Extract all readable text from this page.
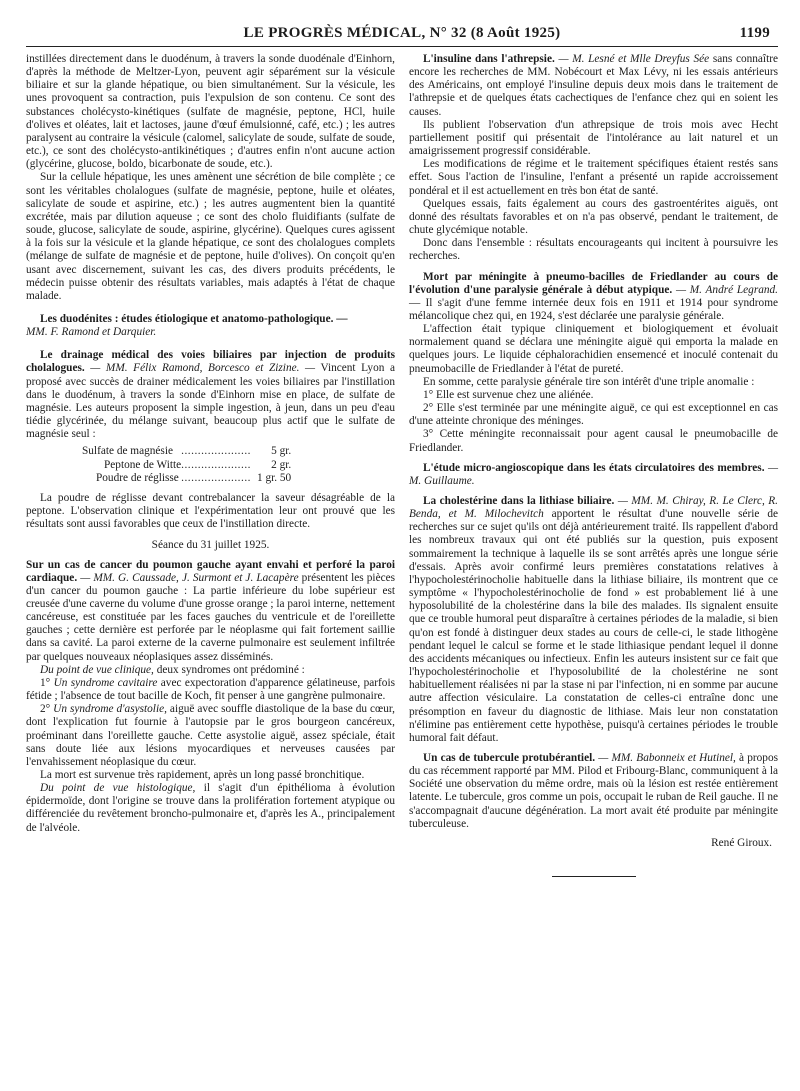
LE PROGRÈS MÉDICAL, N° 32 (8 Août 1925)	1199

instillées directement dans le duodénum, à travers la sonde duodénale d'Einhorn, d'après la méthode de Meltzer-Lyon, peuvent agir séparément sur la vésicule biliaire et sur la glande hépatique, ou bien simultanément. Sur la vésicule, les unes provoquent sa contraction, puis l'expulsion de son contenu. Ce sont des substances cholécysto-kinétiques (sulfate de magnésie, peptone, HCl, huile d'olives et oléates, lait et lactoses, jaune d'œuf émulsionné, café, etc.) ; les autres paralysent au contraire la vésicule (calomel, salicylate de soude, sulfate de soude, etc.), ce sont des cholécysto-antikinétiques ; d'autres enfin n'ont aucune action (glycérine, glucose, boldo, bicarbonate de soude, etc.).

Sur la cellule hépatique, les unes amènent une sécrétion de bile complète ; ce sont les véritables cholalogues (sulfate de magnésie, peptone, huile et oléates, salicylate de soude et aspirine, etc.) ; les autres augmentent bien la quantité excrétée, mais par dilution aqueuse ; ce sont des cholo fluidifiants (sulfate de soude, glucose, salicylate de soude, aspirine, glycérine). Quelques cures agissent à la fois sur la vésicule et la glande hépatique, ce sont des cholalogues complets (mélange de sulfate de magnésie et de peptone, huile d'olives). On conçoit qu'en usant avec discernement, suivant les cas, des divers produits précédents, le médecin puisse obtenir des résultats variables, mais adaptés à l'état de chaque malade.

Les duodénites : études étiologique et anatomo-pathologique. —
MM. F. Ramond et Darquier.

Le drainage médical des voies biliaires par injection de produits cholalogues. — MM. Félix Ramond, Borcesco et Zizine. — Vincent Lyon a proposé avec succès de drainer médicalement les voies biliaires par l'instillation dans le duodénum, à travers la sonde d'Einhorn mise en place, de sulfate de magnésie. Les auteurs proposent la simple ingestion, à jeun, dans un peu d'eau tiédie glycérinée, du mélange suivant, beaucoup plus actif que le sulfate de magnésie seul :

Sulfate de magnésie	.....................	5 gr.
Peptone de Witte	.....................	2 gr.
Poudre de réglisse	.....................	1 gr. 50

La poudre de réglisse devant contrebalancer la saveur désagréable de la peptone. L'observation clinique et l'expérimentation leur ont prouvé que les résultats sont aussi favorables que ceux de l'instillation directe.

Séance du 31 juillet 1925.

Sur un cas de cancer du poumon gauche ayant envahi et perforé la paroi cardiaque. — MM. G. Caussade, J. Surmont et J. Lacapère présentent les pièces d'un cancer du poumon gauche : La partie inférieure du lobe supérieur est creusée d'une caverne du volume d'une grosse orange ; la paroi interne, nettement cancéreuse, est constituée par les faces gauches du ventricule et de l'oreillette gauches ; cette dernière est perforée par le néoplasme qui fait fortement saillie dans sa cavité. La paroi externe de la caverne pulmonaire est seulement infiltrée par quelques nouveaux néoplasiques assez disséminés.

Du point de vue clinique, deux syndromes ont prédominé :

1° Un syndrome cavitaire avec expectoration d'apparence gélatineuse, parfois fétide ; l'absence de tout bacille de Koch, fit penser à une gangrène pulmonaire.

2° Un syndrome d'asystolie, aiguë avec souffle diastolique de la base du cœur, dont l'explication fut fournie à l'autopsie par le gros bourgeon cancéreux, proéminant dans l'oreillette gauche. Cette asystolie aiguë, assez spéciale, était sans doute liée aux lésions myocardiques et nerveuses causées par l'envahissement néoplasique du cœur.

La mort est survenue très rapidement, après un long passé bronchitique.

Du point de vue histologique, il s'agit d'un épithélioma à évolution épidermoïde, dont l'origine se trouve dans la prolifération fortement atypique ou différenciée du revêtement broncho-pulmonaire et, d'après les A., principalement de l'alvéole.

L'insuline dans l'athrepsie. — M. Lesné et Mlle Dreyfus Sée sans connaître encore les recherches de MM. Nobécourt et Max Lévy, ni les essais antérieurs des Américains, ont employé l'insuline depuis deux mois dans le traitement de l'athrepsie et de quelques états cachectiques de l'enfance chez qui en soient les causes.

Ils publient l'observation d'un athrepsique de trois mois avec Hecht partiellement positif qui présentait de l'intolérance au lait naturel et un amaigrissement progressif considérable.

Les modifications de régime et le traitement spécifiques étaient restés sans effet. Sous l'action de l'insuline, l'enfant a présenté un rapide accroissement pondéral et il est actuellement en très bon état de santé.

Quelques essais, faits également au cours des gastroentérites aiguës, ont donné des résultats favorables et on n'a pas observé, pendant le traitement, de chute glycémique notable.

Donc dans l'ensemble : résultats encourageants qui incitent à poursuivre les recherches.

Mort par méningite à pneumo-bacilles de Friedlander au cours de l'évolution d'une paralysie générale à début atypique. — M. André Legrand. — Il s'agit d'une femme internée deux fois en 1911 et 1914 pour syndrome mélancolique chez qui, en 1924, s'est déclarée une paralysie générale.

L'affection était typique cliniquement et biologiquement et évoluait normalement quand se déclara une méningite aiguë qui emporta la malade en quelques jours. Le liquide céphalorachidien ensemencé et inoculé contenait du pneumobacille de Friedlander à l'état de pureté.

En somme, cette paralysie générale tire son intérêt d'une triple anomalie :

1° Elle est survenue chez une aliénée.

2° Elle s'est terminée par une méningite aiguë, ce qui est exceptionnel en cas d'une atteinte chronique des méninges.

3° Cette méningite reconnaissait pour agent causal le pneumobacille de Friedlander.

L'étude micro-angioscopique dans les états circulatoires des membres. — M. Guillaume.

La cholestérine dans la lithiase biliaire. — MM. M. Chiray, R. Le Clerc, R. Benda, et M. Milochevitch apportent le résultat d'une nouvelle série de recherches sur ce sujet qu'ils ont déjà antérieurement traité. Ils rappellent d'abord les nombreux travaux qui ont été publiés sur la question, puis exposent sommairement la technique à laquelle ils se sont arrêtés après une longue série d'essais. Après avoir confirmé leurs premières constatations relatives à l'hypocholestérinocholie habituelle dans la lithiase biliaire, ils montrent que ce symptôme « l'hypocholestérinocholie de fond » est probablement lié à une hyposolubilité de la cholestérine dans la bile des malades. Ils signalent ensuite que ce trouble humoral peut disparaître à certaines périodes de la maladie, si bien qu'on est fondé à distinguer deux stades au cours de celle-ci, le stade lithogène pendant lequel le calcul se forme et le stade lithiasique pendant lequel il donne des accidents mécaniques ou infectieux. Enfin les auteurs insistent sur ce fait que l'hypocholestérinocholie et l'hyposolubilité de la cholestérine ne sont habituellement réalisées ni par la stase ni par l'infection, ni en somme par aucune autre affection vésiculaire. La constatation de celles-ci entraîne donc une présomption en faveur du diagnostic de lithiase. Mais leur non constatation n'élimine pas entièrement cette hypothèse, puisqu'à certaines périodes le trouble humoral fait défaut.

Un cas de tubercule protubérantiel. — MM. Babonneix et Hutinel, à propos du cas récemment rapporté par MM. Pilod et Fribourg-Blanc, communiquent à la Société une observation du même ordre, mais où la lésion est restée entièrement latente. Le tubercule, gros comme un pois, occupait le ruban de Reil gauche. Il ne s'accompagnait d'aucune dégénération. La mort avait été produite par méningite tuberculeuse.

René Giroux.
